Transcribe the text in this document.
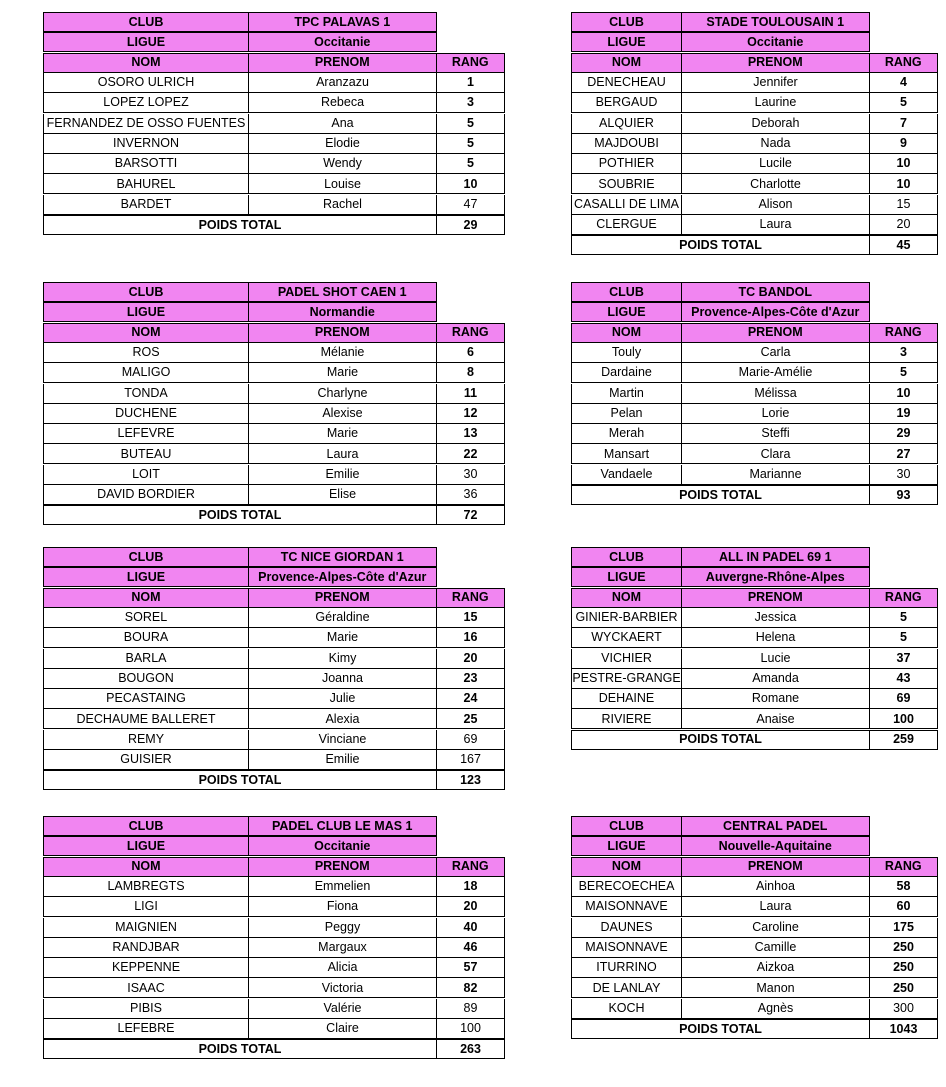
CLUB	TPC PALAVAS 1
LIGUE	Occitanie
NOM	PRENOM	RANG
OSORO ULRICH	Aranzazu	1
LOPEZ LOPEZ	Rebeca	3
FERNANDEZ DE OSSO FUENTES	Ana	5
INVERNON	Elodie	5
BARSOTTI	Wendy	5
BAHUREL	Louise	10
BARDET	Rachel	47
POIDS TOTAL	29
CLUB	STADE TOULOUSAIN 1
LIGUE	Occitanie
NOM	PRENOM	RANG
DENECHEAU	Jennifer	4
BERGAUD	Laurine	5
ALQUIER	Deborah	7
MAJDOUBI	Nada	9
POTHIER	Lucile	10
SOUBRIE	Charlotte	10
CASALLI DE LIMA	Alison	15
CLERGUE	Laura	20
POIDS TOTAL	45
CLUB	PADEL SHOT CAEN 1
LIGUE	Normandie
NOM	PRENOM	RANG
ROS	Mélanie	6
MALIGO	Marie	8
TONDA	Charlyne	11
DUCHENE	Alexise	12
LEFEVRE	Marie	13
BUTEAU	Laura	22
LOIT	Emilie	30
DAVID BORDIER	Elise	36
POIDS TOTAL	72
CLUB	TC BANDOL
LIGUE	Provence-Alpes-Côte d'Azur
NOM	PRENOM	RANG
Touly	Carla	3
Dardaine	Marie-Amélie	5
Martin	Mélissa	10
Pelan	Lorie	19
Merah	Steffi	29
Mansart	Clara	27
Vandaele	Marianne	30
POIDS TOTAL	93
CLUB	TC NICE GIORDAN 1
LIGUE	Provence-Alpes-Côte d'Azur
NOM	PRENOM	RANG
SOREL	Géraldine	15
BOURA	Marie	16
BARLA	Kimy	20
BOUGON	Joanna	23
PECASTAING	Julie	24
DECHAUME BALLERET	Alexia	25
REMY	Vinciane	69
GUISIER	Emilie	167
POIDS TOTAL	123
CLUB	ALL IN PADEL 69 1
LIGUE	Auvergne-Rhône-Alpes
NOM	PRENOM	RANG
GINIER-BARBIER	Jessica	5
WYCKAERT	Helena	5
VICHIER	Lucie	37
PESTRE-GRANGE	Amanda	43
DEHAINE	Romane	69
RIVIERE	Anaise	100
POIDS TOTAL	259
CLUB	PADEL CLUB LE MAS 1
LIGUE	Occitanie
NOM	PRENOM	RANG
LAMBREGTS	Emmelien	18
LIGI	Fiona	20
MAIGNIEN	Peggy	40
RANDJBAR	Margaux	46
KEPPENNE	Alicia	57
ISAAC	Victoria	82
PIBIS	Valérie	89
LEFEBRE	Claire	100
POIDS TOTAL	263
CLUB	CENTRAL PADEL
LIGUE	Nouvelle-Aquitaine
NOM	PRENOM	RANG
BERECOECHEA	Ainhoa	58
MAISONNAVE	Laura	60
DAUNES	Caroline	175
MAISONNAVE	Camille	250
ITURRINO	Aizkoa	250
DE LANLAY	Manon	250
KOCH	Agnès	300
POIDS TOTAL	1043
